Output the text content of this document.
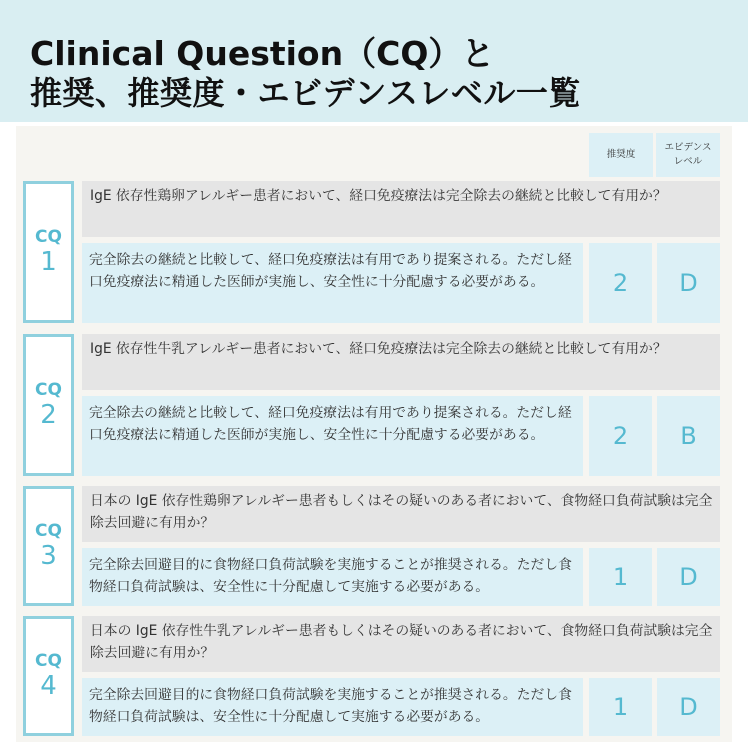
Clinical Question（CQ）と
推奨、推奨度・エビデンスレベル一覧
推奨度
エビデンス
レベル
CQ
1
IgE 依存性鶏卵アレルギー患者において、経口免疫療法は完全除去の継続と比較して有用か？
完全除去の継続と比較して、経口免疫療法は有用であり提案される。ただし経口免疫療法に精通した医師が実施し、安全性に十分配慮する必要がある。	2	D
CQ
2
IgE 依存性牛乳アレルギー患者において、経口免疫療法は完全除去の継続と比較して有用か？
完全除去の継続と比較して、経口免疫療法は有用であり提案される。ただし経口免疫療法に精通した医師が実施し、安全性に十分配慮する必要がある。	2	B
CQ
3
日本の IgE 依存性鶏卵アレルギー患者もしくはその疑いのある者において、食物経口負荷試験は完全除去回避に有用か？
完全除去回避目的に食物経口負荷試験を実施することが推奨される。ただし食物経口負荷試験は、安全性に十分配慮して実施する必要がある。	1	D
CQ
4
日本の IgE 依存性牛乳アレルギー患者もしくはその疑いのある者において、食物経口負荷試験は完全除去回避に有用か？
完全除去回避目的に食物経口負荷試験を実施することが推奨される。ただし食物経口負荷試験は、安全性に十分配慮して実施する必要がある。	1	D
